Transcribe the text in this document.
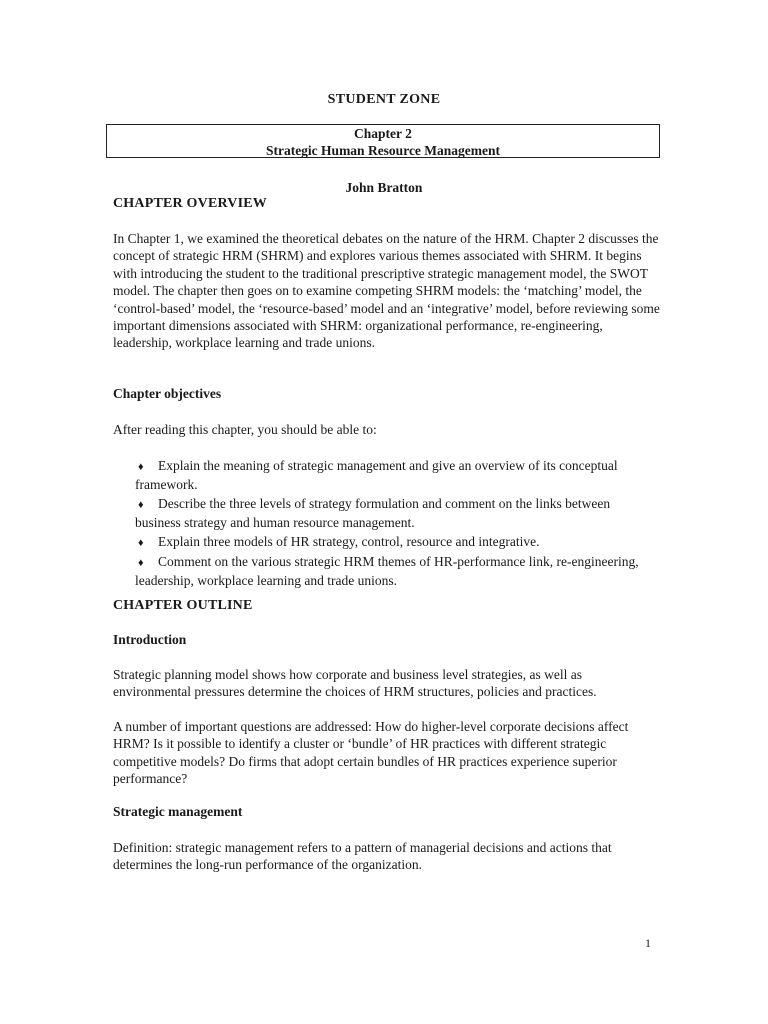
STUDENT ZONE
Chapter 2
Strategic Human Resource Management
John Bratton
CHAPTER OVERVIEW

In Chapter 1, we examined the theoretical debates on the nature of the HRM. Chapter 2 discusses the concept of strategic HRM (SHRM) and explores various themes associated with SHRM. It begins with introducing the student to the traditional prescriptive strategic management model, the SWOT model. The chapter then goes on to examine competing SHRM models: the ‘matching’ model, the ‘control-based’ model, the ‘resource-based’ model and an ‘integrative’ model, before reviewing some important dimensions associated with SHRM: organizational performance, re-engineering, leadership, workplace learning and trade unions.

Chapter objectives

After reading this chapter, you should be able to:

♦ Explain the meaning of strategic management and give an overview of its conceptual framework.
♦ Describe the three levels of strategy formulation and comment on the links between business strategy and human resource management.
♦ Explain three models of HR strategy, control, resource and integrative.
♦ Comment on the various strategic HRM themes of HR-performance link, re-engineering, leadership, workplace learning and trade unions.
CHAPTER OUTLINE
Introduction

Strategic planning model shows how corporate and business level strategies, as well as environmental pressures determine the choices of HRM structures, policies and practices.

A number of important questions are addressed: How do higher-level corporate decisions affect HRM? Is it possible to identify a cluster or ‘bundle’ of HR practices with different strategic competitive models? Do firms that adopt certain bundles of HR practices experience superior performance?

Strategic management

Definition: strategic management refers to a pattern of managerial decisions and actions that determines the long-run performance of the organization.

1
